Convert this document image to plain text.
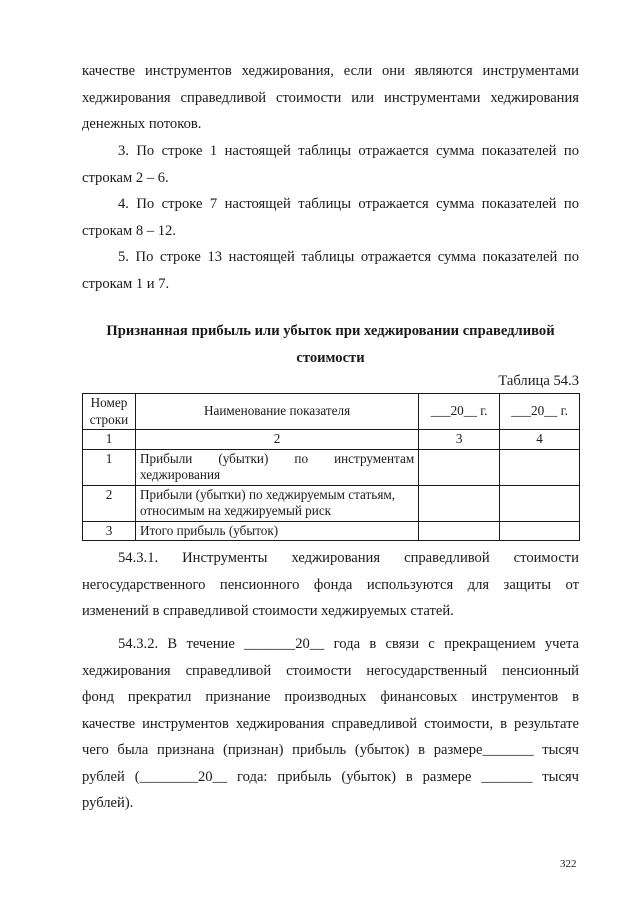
качестве инструментов хеджирования, если они являются инструментами
хеджирования справедливой стоимости или инструментами хеджирования
денежных потоков.
3. По строке 1 настоящей таблицы отражается сумма показателей по
строкам 2 – 6.
4. По строке 7 настоящей таблицы отражается сумма показателей по
строкам 8 – 12.
5. По строке 13 настоящей таблицы отражается сумма показателей по
строкам 1 и 7.
Признанная прибыль или убыток при хеджировании справедливой
стоимости
Таблица 54.3
Номер строки	Наименование показателя	___20__ г.	___20__ г.
1	2	3	4
1	Прибыли (убытки) по инструментам хеджирования		
2	Прибыли (убытки) по хеджируемым статьям, относимым на хеджируемый риск		
3	Итого прибыль (убыток)		
54.3.1. Инструменты хеджирования справедливой стоимости
негосударственного пенсионного фонда используются для защиты от
изменений в справедливой стоимости хеджируемых статей.
54.3.2. В течение _______20__ года в связи с прекращением учета
хеджирования справедливой стоимости негосударственный пенсионный
фонд прекратил признание производных финансовых инструментов в
качестве инструментов хеджирования справедливой стоимости, в результате
чего была признана (признан) прибыль (убыток) в размере_______ тысяч
рублей (________20__ года: прибыль (убыток) в размере _______ тысяч
рублей).
322
